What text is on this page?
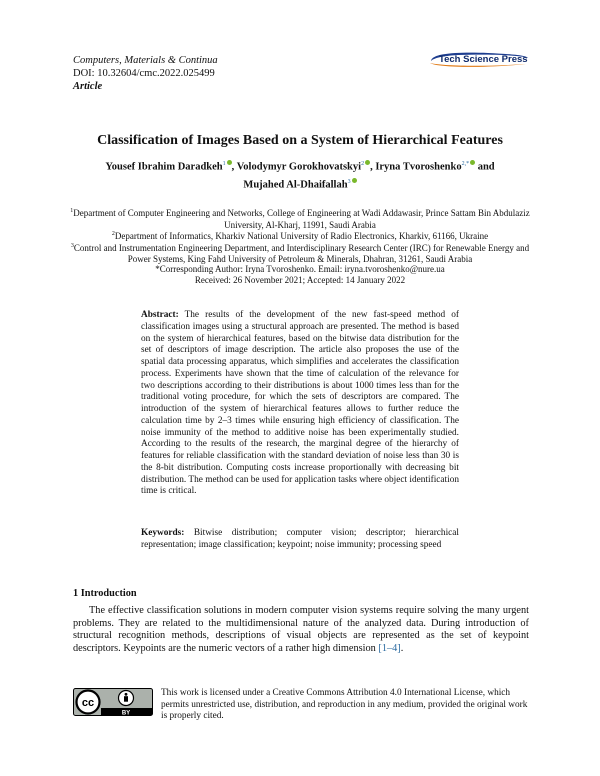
Computers, Materials & Continua
DOI: 10.32604/cmc.2022.025499
Article
Tech Science Press
Classification of Images Based on a System of Hierarchical Features
Yousef Ibrahim Daradkeh$^1$ , Volodymyr Gorokhovatskyi$^2$ , Iryna Tvoroshenko$^{2,*}$ and
Mujahed Al-Dhaifallah$^3$
$^1$Department of Computer Engineering and Networks, College of Engineering at Wadi Addawasir, Prince Sattam Bin Abdulaziz University, Al-Kharj, 11991, Saudi Arabia
$^2$Department of Informatics, Kharkiv National University of Radio Electronics, Kharkiv, 61166, Ukraine
$^3$Control and Instrumentation Engineering Department, and Interdisciplinary Research Center (IRC) for Renewable Energy and Power Systems, King Fahd University of Petroleum & Minerals, Dhahran, 31261, Saudi Arabia
*Corresponding Author: Iryna Tvoroshenko. Email: iryna.tvoroshenko@nure.ua
Received: 26 November 2021; Accepted: 14 January 2022
Abstract: The results of the development of the new fast-speed method of classification images using a structural approach are presented. The method is based on the system of hierarchical features, based on the bitwise data distribution for the set of descriptors of image description. The article also proposes the use of the spatial data processing apparatus, which simplifies and accelerates the classification process. Experiments have shown that the time of calculation of the relevance for two descriptions according to their distributions is about 1000 times less than for the traditional voting procedure, for which the sets of descriptors are compared. The introduction of the system of hierarchical features allows to further reduce the calculation time by 2–3 times while ensuring high efficiency of classification. The noise immunity of the method to additive noise has been experimentally studied. According to the results of the research, the marginal degree of the hierarchy of features for reliable classification with the standard deviation of noise less than 30 is the 8-bit distribution. Computing costs increase proportionally with decreasing bit distribution. The method can be used for application tasks where object identification time is critical.
Keywords: Bitwise distribution; computer vision; descriptor; hierarchical representation; image classification; keypoint; noise immunity; processing speed
1 Introduction
The effective classification solutions in modern computer vision systems require solving the many urgent problems. They are related to the multidimensional nature of the analyzed data. During introduction of structural recognition methods, descriptions of visual objects are represented as the set of keypoint descriptors. Keypoints are the numeric vectors of a rather high dimension [1–4].
cc
BY
This work is licensed under a Creative Commons Attribution 4.0 International License, which permits unrestricted use, distribution, and reproduction in any medium, provided the original work is properly cited.
